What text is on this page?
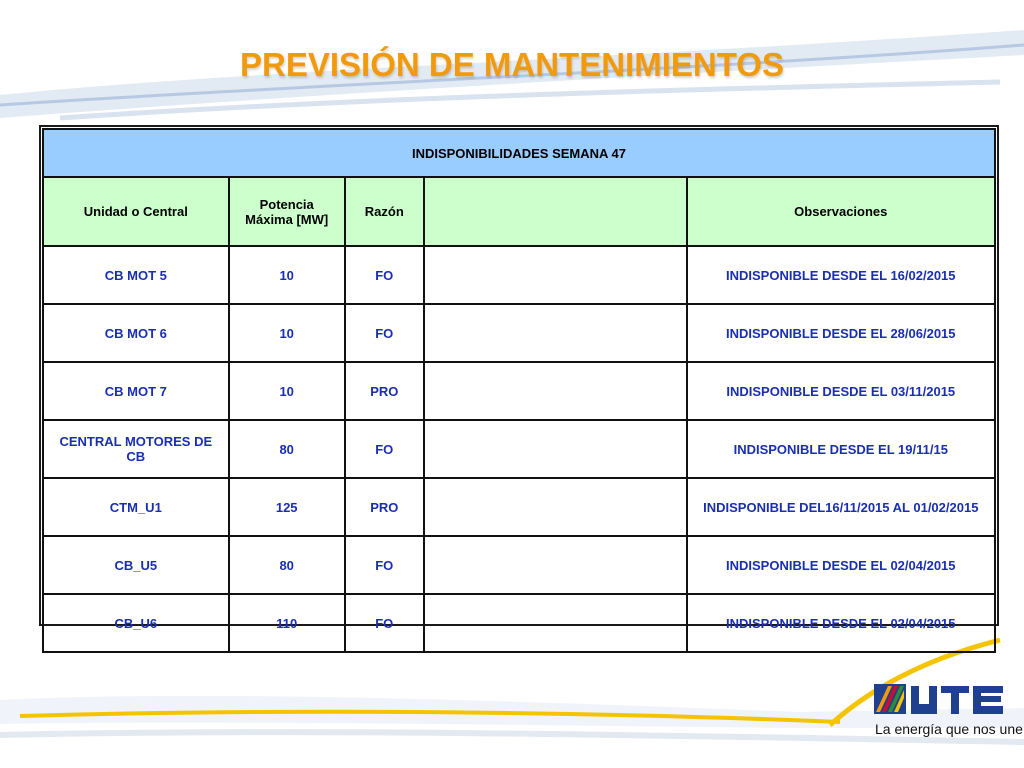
PREVISIÓN DE MANTENIMIENTOS
INDISPONIBILIDADES SEMANA 47				
Unidad o Central	Potencia Máxima [MW]	Razón		Observaciones
CB MOT 5	10	FO		INDISPONIBLE DESDE EL 16/02/2015
CB MOT 6	10	FO		INDISPONIBLE DESDE EL 28/06/2015
CB MOT 7	10	PRO		INDISPONIBLE DESDE EL 03/11/2015
CENTRAL MOTORES DE CB	80	FO		INDISPONIBLE DESDE EL 19/11/15
CTM_U1	125	PRO		INDISPONIBLE DEL16/11/2015 AL 01/02/2015
CB_U5	80	FO		INDISPONIBLE DESDE EL 02/04/2015
CB_U6	110	FO		INDISPONIBLE DESDE EL 02/04/2015
La energía que nos une
